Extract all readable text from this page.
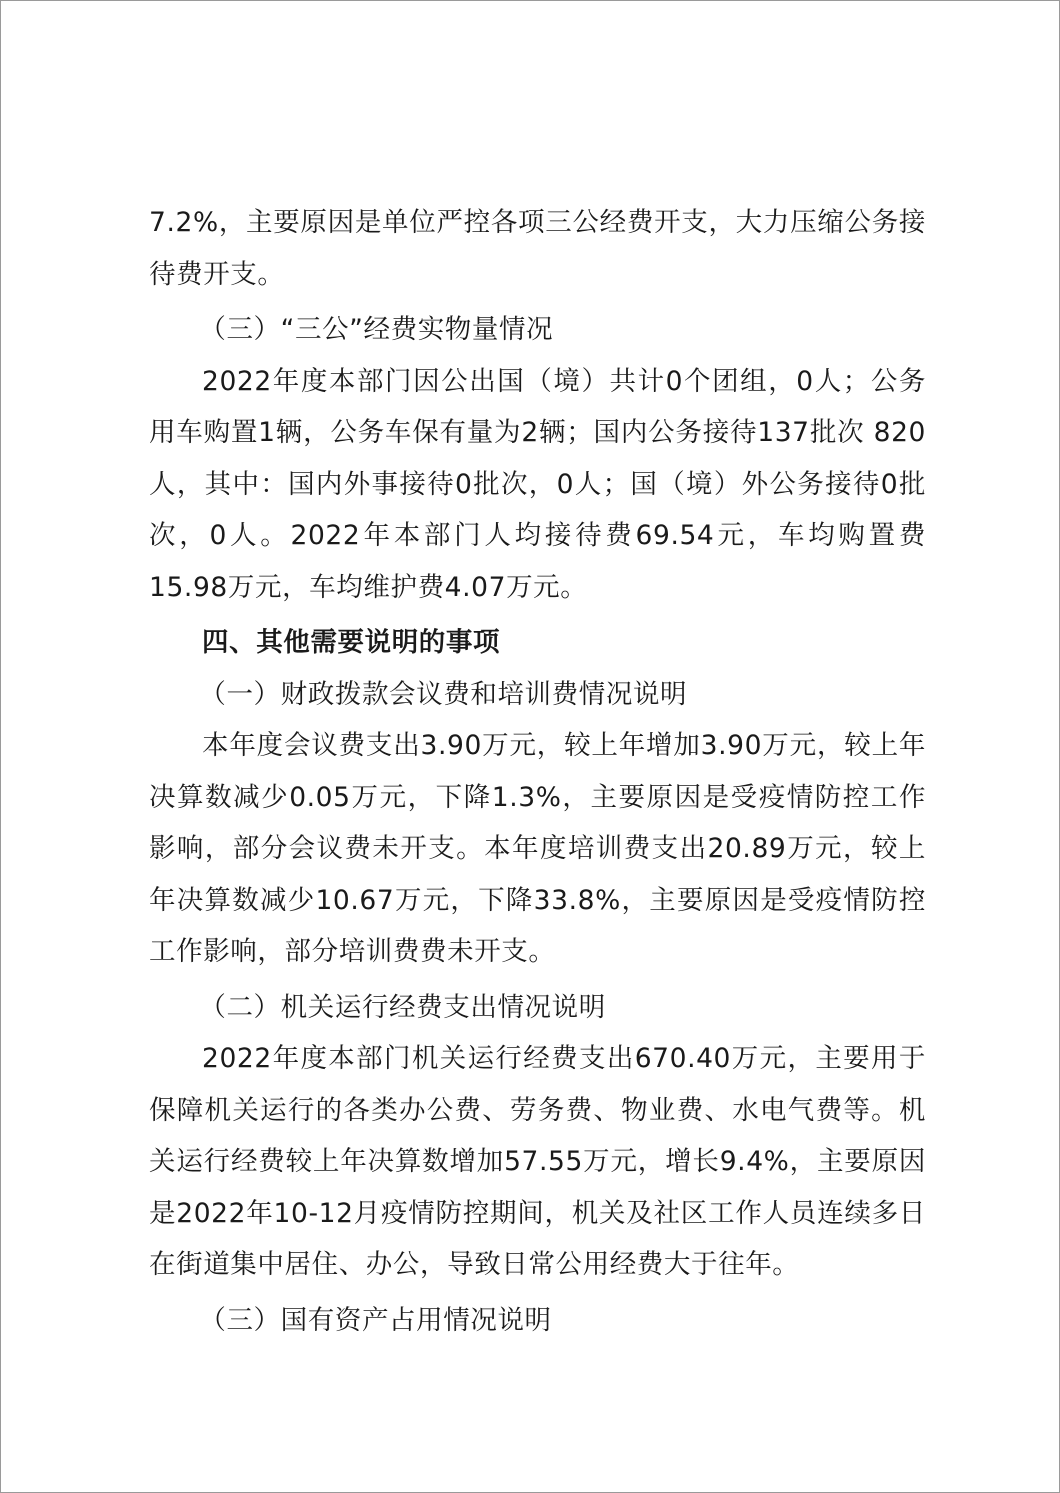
7.2%，主要原因是单位严控各项三公经费开支，大力压缩公务接待费开支。

（三）“三公”经费实物量情况

2022年度本部门因公出国（境）共计0个团组，0人；公务用车购置1辆，公务车保有量为2辆；国内公务接待137批次 820人，其中：国内外事接待0批次，0人；国（境）外公务接待0批次，0人。2022年本部门人均接待费69.54元，车均购置费15.98万元，车均维护费4.07万元。

四、其他需要说明的事项

（一）财政拨款会议费和培训费情况说明

本年度会议费支出3.90万元，较上年增加3.90万元，较上年决算数减少0.05万元，下降1.3%，主要原因是受疫情防控工作影响，部分会议费未开支。本年度培训费支出20.89万元，较上年决算数减少10.67万元，下降33.8%，主要原因是受疫情防控工作影响，部分培训费费未开支。

（二）机关运行经费支出情况说明

2022年度本部门机关运行经费支出670.40万元，主要用于保障机关运行的各类办公费、劳务费、物业费、水电气费等。机关运行经费较上年决算数增加57.55万元，增长9.4%，主要原因是2022年10-12月疫情防控期间，机关及社区工作人员连续多日在街道集中居住、办公，导致日常公用经费大于往年。

（三）国有资产占用情况说明
